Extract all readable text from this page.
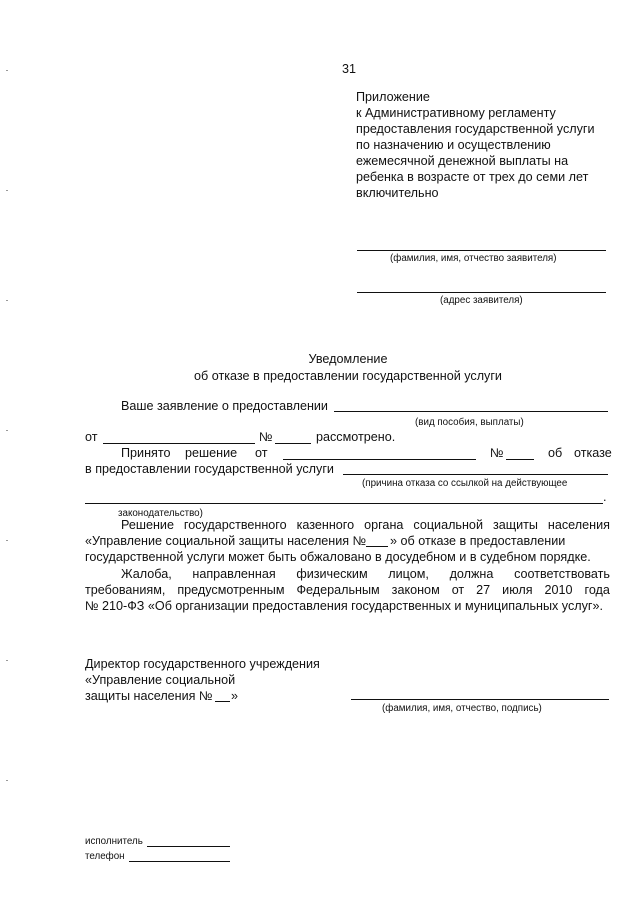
31
Приложение
к Административному регламенту
предоставления государственной услуги
по назначению и осуществлению
ежемесячной денежной выплаты на
ребенка в возрасте от трех до семи лет
включительно
(фамилия, имя, отчество заявителя)
(адрес заявителя)
Уведомление
об отказе в предоставлении государственной услуги
Ваше заявление о предоставлении
(вид пособия, выплаты)
от	№	рассмотрено.
Принято решение от	№	об отказе
в предоставлении государственной услуги
(причина отказа со ссылкой на действующее
.
законодательство)
Решение государственного казенного органа социальной защиты населения
«Управление социальной защиты населения № » об отказе в предоставлении
государственной услуги может быть обжаловано в досудебном и в судебном порядке.
Жалоба, направленная физическим лицом, должна соответствовать
требованиям, предусмотренным Федеральным законом от 27 июля 2010 года
№ 210-ФЗ «Об организации предоставления государственных и муниципальных услуг».
Директор государственного учреждения
«Управление социальной
защиты населения № »
(фамилия, имя, отчество, подпись)
исполнитель
телефон
